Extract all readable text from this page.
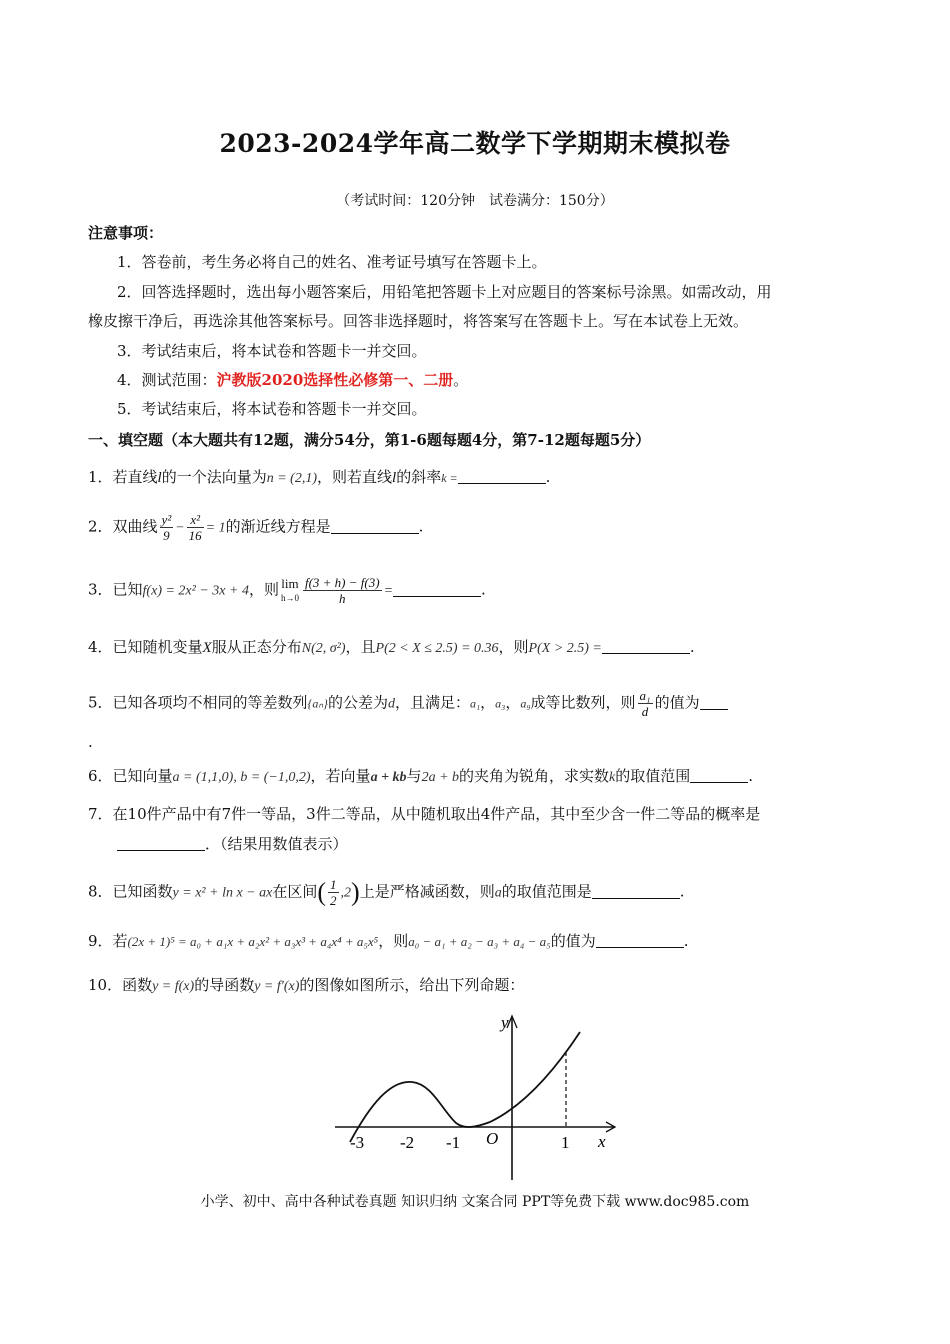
2023-2024学年高二数学下学期期末模拟卷
（考试时间：120分钟　试卷满分：150分）
注意事项：
1．答卷前，考生务必将自己的姓名、准考证号填写在答题卡上。
2．回答选择题时，选出每小题答案后，用铅笔把答题卡上对应题目的答案标号涂黑。如需改动，用
橡皮擦干净后，再选涂其他答案标号。回答非选择题时，将答案写在答题卡上。写在本试卷上无效。
3．考试结束后，将本试卷和答题卡一并交回。
4．测试范围：沪教版2020选择性必修第一、二册。
5．考试结束后，将本试卷和答题卡一并交回。
一、填空题（本大题共有12题，满分54分，第1-6题每题4分，第7-12题每题5分）
1．若直线l的一个法向量为n = (2,1)，则若直线l的斜率k =	.
2．双曲线 $\frac{\text{y²}}{9} - \frac{\text{x²}}{16} = 1$的渐近线方程是	.
3．已知f(x) = 2x² − 3x + 4，则 lim
$h\to 0 \frac{f(3 + h) - f(3)}{h}$ =	.
4．已知随机变量X服从正态分布N(2, σ²)，且P(2 < X ≤ 2.5) = 0.36，则P(X > 2.5) =	.
5．已知各项均不相同的等差数列{aₙ}的公差为d，且满足：a₁，a₃，a₉成等比数列，则 $\frac{\text{a₁}}{d}$ 的值为
.
6．已知向量a = (1,1,0), b = (−1,0,2)，若向量a + kb与2a + b的夹角为锐角，求实数k的取值范围	.
7．在10件产品中有7件一等品，3件二等品，从中随机取出4件产品，其中至少含一件二等品的概率是
．（结果用数值表示）
8．已知函数y = x² + ln x − ax在区间( $\frac{1}{2} ,2$)上是严格减函数，则a的取值范围是	.
9．若(2x + 1)⁵ = a₀ + a₁x + a₂x² + a₃x³ + a₄x⁴ + a₅x⁵，则a₀ − a₁ + a₂ − a₃ + a₄ − a₅的值为	.
10．函数y = f(x)的导函数y = f′(x)的图像如图所示，给出下列命题：
y
x
O
-3 -2 -1	1
小学、初中、高中各种试卷真题 知识归纳 文案合同 PPT等免费下载 www.doc985.com
